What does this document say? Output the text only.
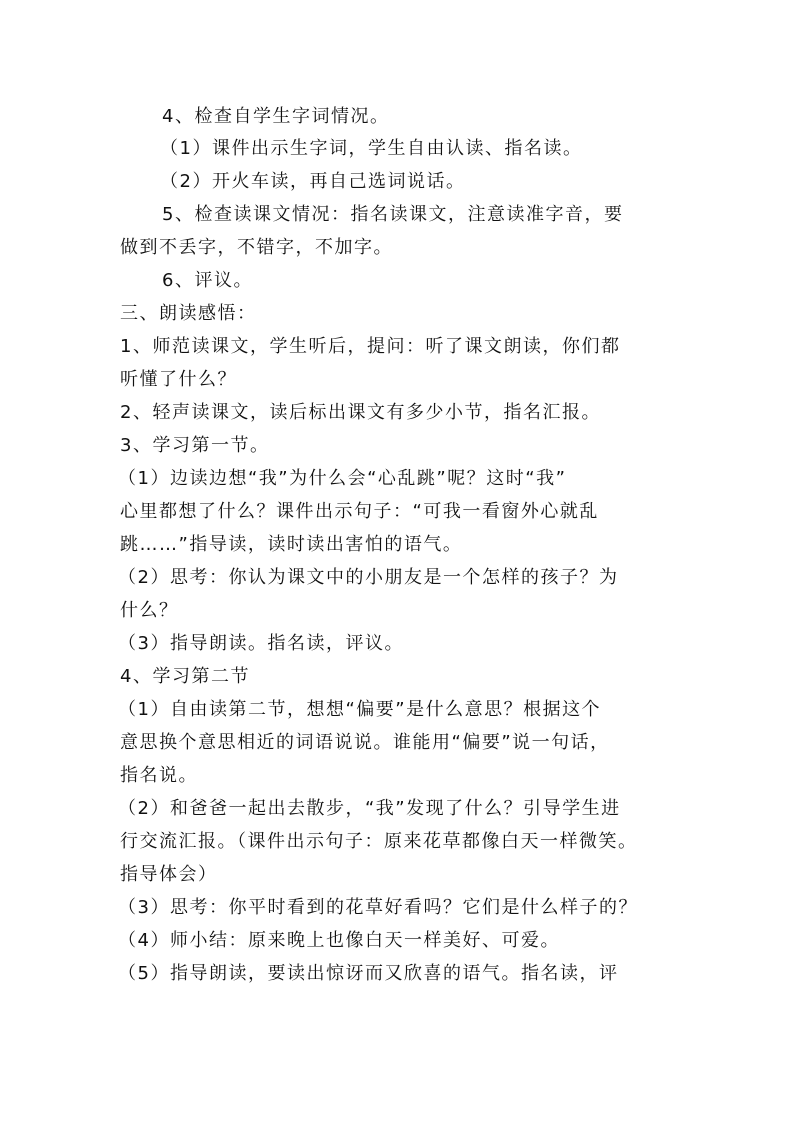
4、检查自学生字词情况。
（1）课件出示生字词，学生自由认读、指名读。
（2）开火车读，再自己选词说话。
5、检查读课文情况：指名读课文，注意读准字音，要
做到不丢字，不错字，不加字。
6、评议。
三、朗读感悟：
1、师范读课文，学生听后，提问：听了课文朗读，你们都
听懂了什么？
2、轻声读课文，读后标出课文有多少小节，指名汇报。
3、学习第一节。
（1）边读边想“我”为什么会“心乱跳”呢？这时“我”
心里都想了什么？课件出示句子：“可我一看窗外心就乱
跳……”指导读，读时读出害怕的语气。
（2）思考：你认为课文中的小朋友是一个怎样的孩子？为
什么？
（3）指导朗读。指名读，评议。
4、学习第二节
（1）自由读第二节，想想“偏要”是什么意思？根据这个
意思换个意思相近的词语说说。谁能用“偏要”说一句话，
指名说。
（2）和爸爸一起出去散步，“我”发现了什么？引导学生进
行交流汇报。（课件出示句子：原来花草都像白天一样微笑。
指导体会）
（3）思考：你平时看到的花草好看吗？它们是什么样子的？
（4）师小结：原来晚上也像白天一样美好、可爱。
（5）指导朗读，要读出惊讶而又欣喜的语气。指名读，评
